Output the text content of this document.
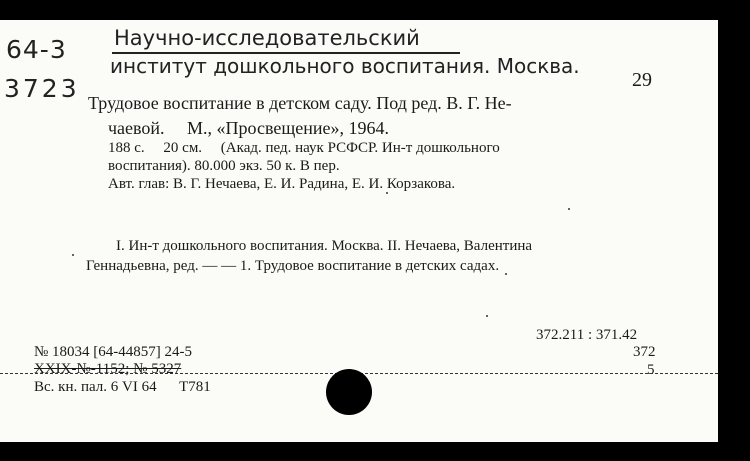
64-3
3723
Научно-исследовательский
институт дошкольного воспитания. Москва.
29
Трудовое воспитание в детском саду. Под ред. В. Г. Не-
чаевой.     М., «Просвещение», 1964.
188 с.     20 см.     (Акад. пед. наук РСФСР. Ин-т дошкольного
воспитания). 80.000 экз. 50 к. В пер.
Авт. глав: В. Г. Нечаева, Е. И. Радина, Е. И. Корзакова.
I. Ин-т дошкольного воспитания. Москва. II. Нечаева, Валентина
Геннадьевна, ред. — — 1. Трудовое воспитание в детских садах.
372.211 : 371.42
372
5
№ 18034 [64-44857] 24-5
XXIX-№-1152; № 5327
Вс. кн. пал. 6 VI 64      Т781
